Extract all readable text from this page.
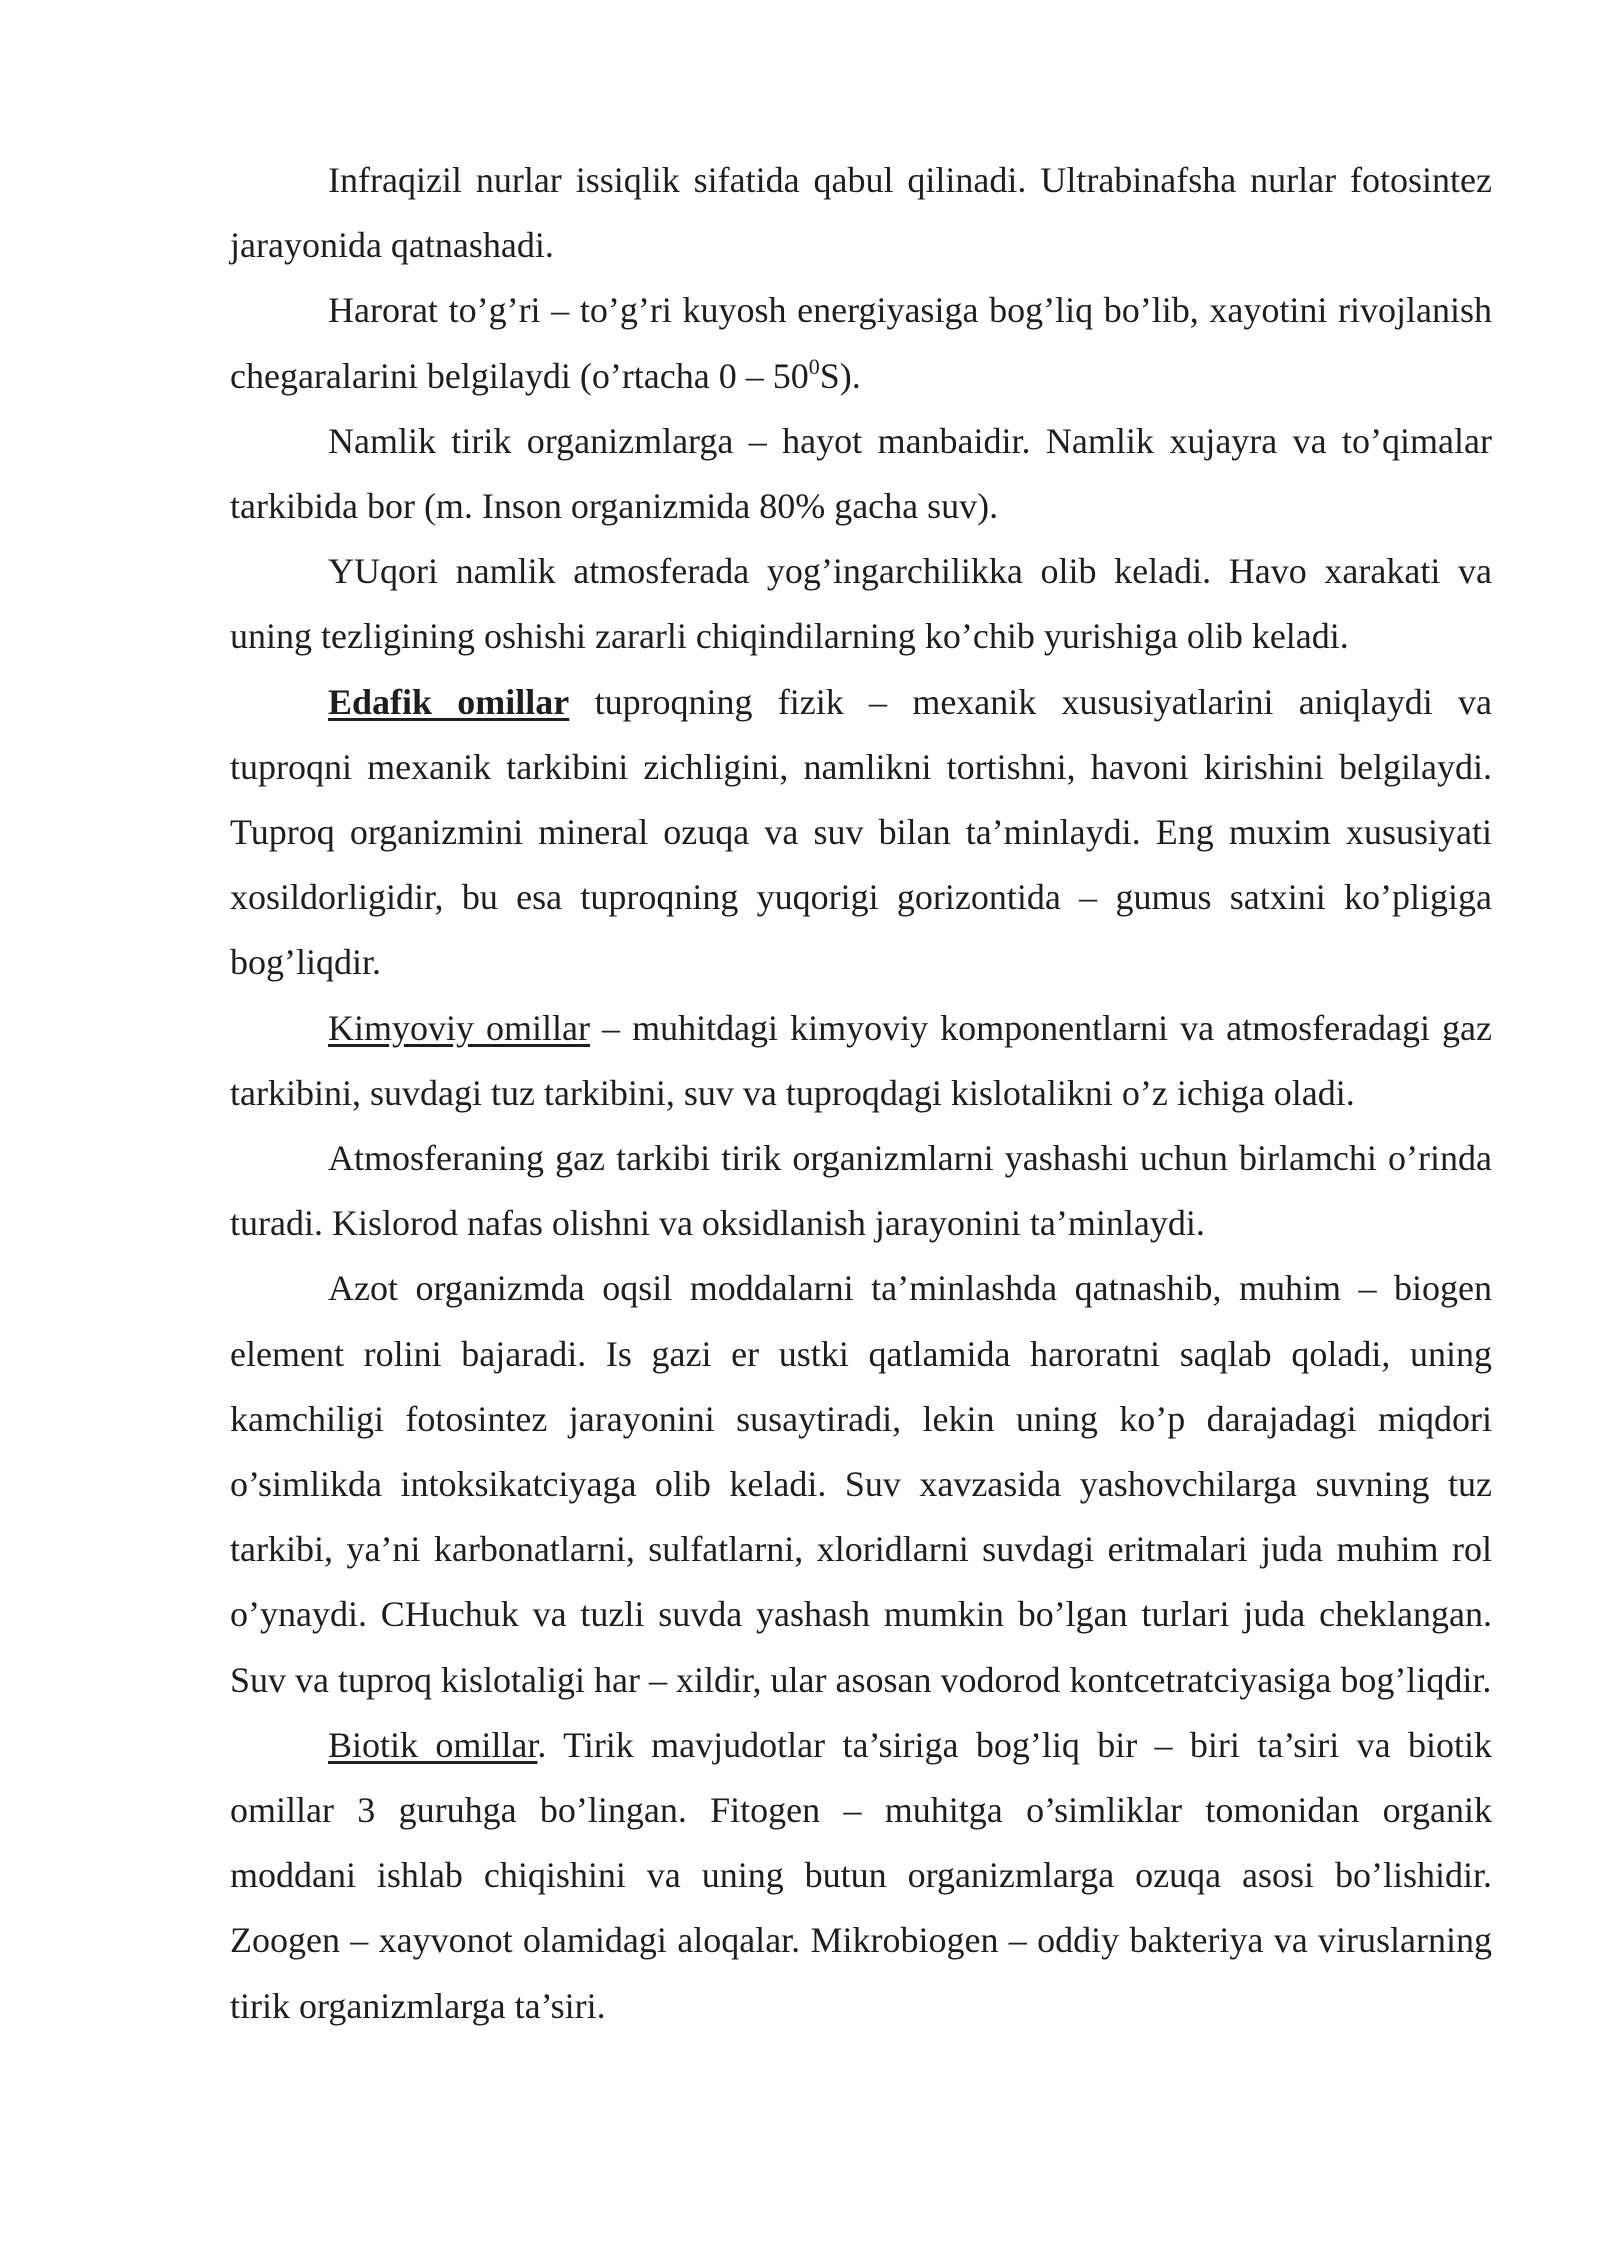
Infraqizil nurlar issiqlik sifatida qabul qilinadi. Ultrabinafsha nurlar fotosintez jarayonida qatnashadi.

Harorat to’g’ri – to’g’ri kuyosh energiyasiga bog’liq bo’lib, xayotini rivojlanish chegaralarini belgilaydi (o’rtacha $0 - 50^0S$).

Namlik tirik organizmlarga – hayot manbaidir. Namlik xujayra va to’qimalar tarkibida bor (m. Inson organizmida 80% gacha suv).

YUqori namlik atmosferada yog’ingarchilikka olib keladi. Havo xarakati va uning tezligining oshishi zararli chiqindilarning ko’chib yurishiga olib keladi.

Edafik omillar tuproqning fizik – mexanik xususiyatlarini aniqlaydi va tuproqni mexanik tarkibini zichligini, namlikni tortishni, havoni kirishini belgilaydi. Tuproq organizmini mineral ozuqa va suv bilan ta’minlaydi. Eng muxim xususiyati xosildorligidir, bu esa tuproqning yuqorigi gorizontida – gumus satxini ko’pligiga bog’liqdir.

Kimyoviy omillar – muhitdagi kimyoviy komponentlarni va atmosferadagi gaz tarkibini, suvdagi tuz tarkibini, suv va tuproqdagi kislotalikni o’z ichiga oladi.

Atmosferaning gaz tarkibi tirik organizmlarni yashashi uchun birlamchi o’rinda turadi. Kislorod nafas olishni va oksidlanish jarayonini ta’minlaydi.

Azot organizmda oqsil moddalarni ta’minlashda qatnashib, muhim – biogen element rolini bajaradi. Is gazi er ustki qatlamida haroratni saqlab qoladi, uning kamchiligi fotosintez jarayonini susaytiradi, lekin uning ko’p darajadagi miqdori o’simlikda intoksikatciyaga olib keladi. Suv xavzasida yashovchilarga suvning tuz tarkibi, ya’ni karbonatlarni, sulfatlarni, xloridlarni suvdagi eritmalari juda muhim rol o’ynaydi. CHuchuk va tuzli suvda yashash mumkin bo’lgan turlari juda cheklangan. Suv va tuproq kislotaligi har – xildir, ular asosan vodorod kontcetratciyasiga bog’liqdir.

Biotik omillar. Tirik mavjudotlar ta’siriga bog’liq bir – biri ta’siri va biotik omillar 3 guruhga bo’lingan. Fitogen – muhitga o’simliklar tomonidan organik moddani ishlab chiqishini va uning butun organizmlarga ozuqa asosi bo’lishidir. Zoogen – xayvonot olamidagi aloqalar. Mikrobiogen – oddiy bakteriya va viruslarning tirik organizmlarga ta’siri.
